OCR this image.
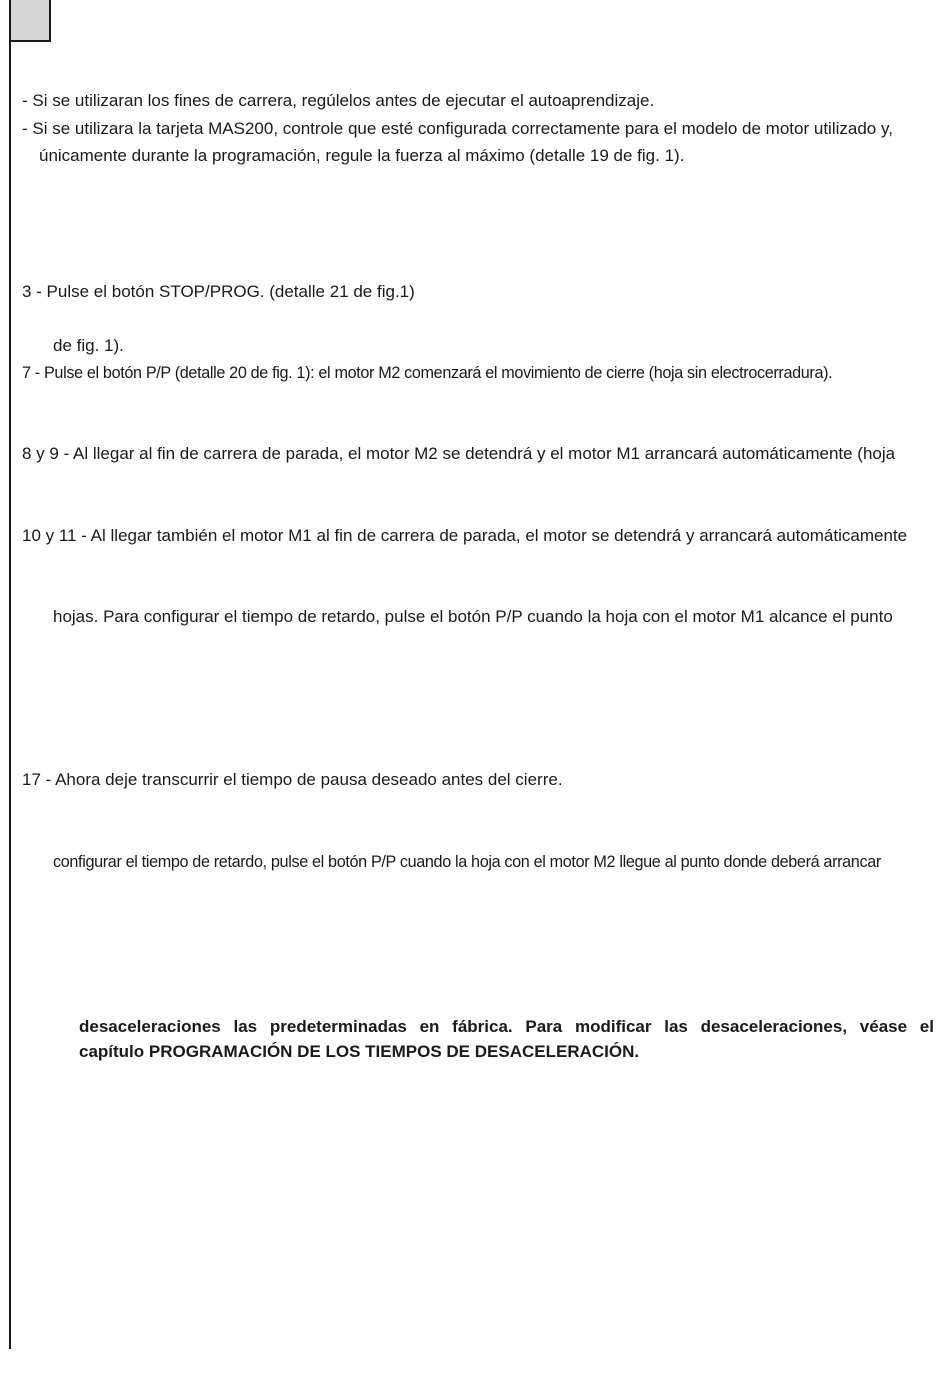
- Si se utilizaran los fines de carrera, regúlelos antes de ejecutar el autoaprendizaje.
- Si se utilizara la tarjeta MAS200, controle que esté configurada correctamente para el modelo de motor utilizado y,
únicamente durante la programación, regule la fuerza al máximo (detalle 19 de fig. 1).
3 - Pulse el botón STOP/PROG. (detalle 21 de fig.1)
de fig. 1).
7 - Pulse el botón P/P (detalle 20 de fig. 1): el motor M2 comenzará el movimiento de cierre (hoja sin electrocerradura).
8 y 9 - Al llegar al fin de carrera de parada, el motor M2 se detendrá y el motor M1 arrancará automáticamente (hoja
10 y 11 - Al llegar también el motor M1 al fin de carrera de parada, el motor se detendrá y arrancará automáticamente
hojas. Para configurar el tiempo de retardo, pulse el botón P/P cuando la hoja con el motor M1 alcance el punto
17 - Ahora deje transcurrir el tiempo de pausa deseado antes del cierre.
configurar el tiempo de retardo, pulse el botón P/P cuando la hoja con el motor M2 llegue al punto donde deberá arrancar
desaceleraciones las predeterminadas en fábrica. Para modificar las desaceleraciones, véase el
capítulo PROGRAMACIÓN DE LOS TIEMPOS DE DESACELERACIÓN.
